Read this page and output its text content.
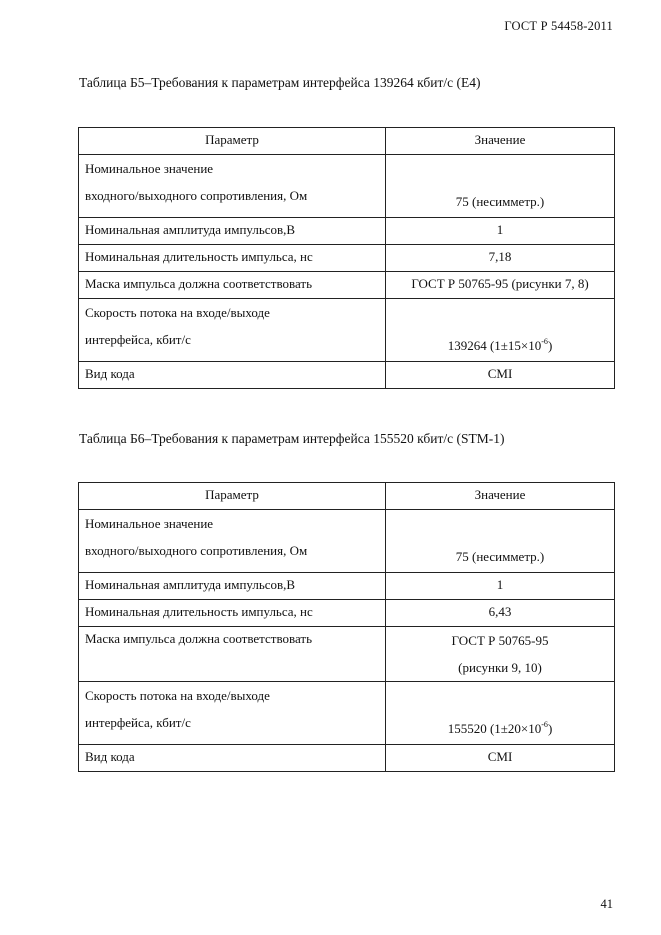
ГОСТ Р 54458-2011
Таблица Б5–Требования к параметрам интерфейса 139264 кбит/с (E4)
Параметр	Значение

Номинальное значение
входного/выходного сопротивления, Ом	75 (несимметр.)
Номинальная амплитуда импульсов,В	1
Номинальная длительность импульса, нс	7,18
Маска импульса должна соответствовать	ГОСТ Р 50765-95 (рисунки 7, 8)

Скорость потока на входе/выходе
интерфейса, кбит/с	139264 $(1\pm 15\times 10^{-6})$
Вид кода	CMI
Таблица Б6–Требования к параметрам интерфейса 155520 кбит/с (STM-1)
Параметр	Значение

Номинальное значение
входного/выходного сопротивления, Ом	75 (несимметр.)
Номинальная амплитуда импульсов,В	1
Номинальная длительность импульса, нс	6,43
Маска импульса должна соответствовать	ГОСТ Р 50765-95
(рисунки 9, 10)

Скорость потока на входе/выходе
интерфейса, кбит/с	155520 $(1\pm 20\times 10^{-6})$
Вид кода	CMI
41
